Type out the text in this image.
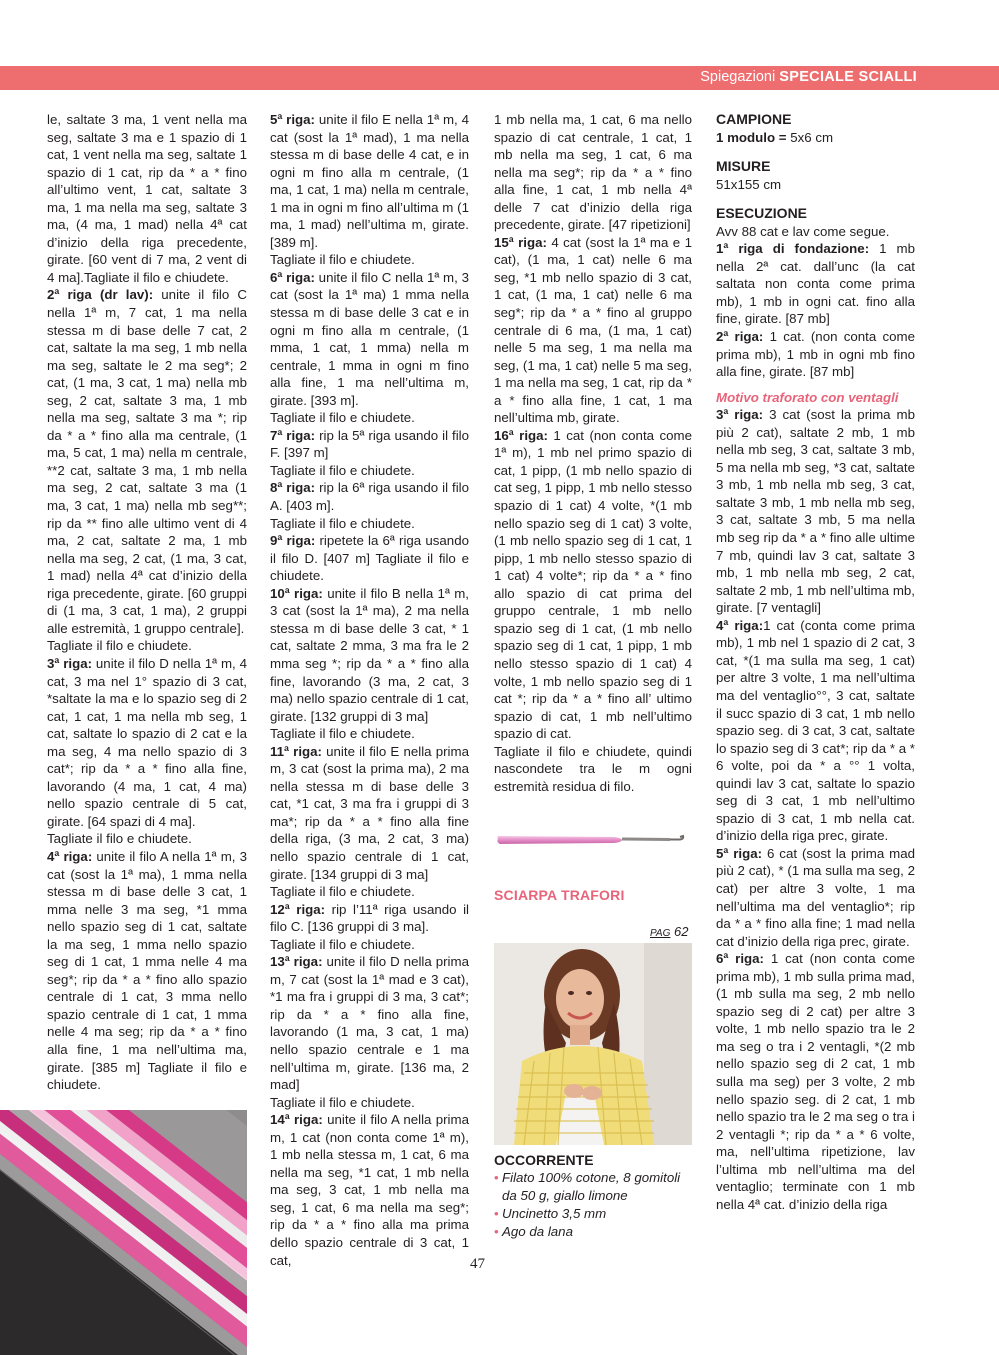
Spiegazioni SPECIALE SCIALLI

le, saltate 3 ma, 1 vent nella ma seg, saltate 3 ma e 1 spazio di 1 cat, 1 vent nella ma seg, saltate 1 spazio di 1 cat, rip da * a * fino all’ultimo vent, 1 cat, saltate 3 ma, 1 ma nella ma seg, saltate 3 ma, (4 ma, 1 mad) nella 4ª cat d’inizio della riga precedente, girate. [60 vent di 7 ma, 2 vent di 4 ma].Tagliate il filo e chiudete.

2ª riga (dr lav): unite il filo C nella 1ª m, 7 cat, 1 ma nella stessa m di base delle 7 cat, 2 cat, saltate la ma seg, 1 mb nella ma seg, saltate le 2 ma seg*; 2 cat, (1 ma, 3 cat, 1 ma) nella mb seg, 2 cat, saltate 3 ma, 1 mb nella ma seg, saltate 3 ma *; rip da * a * fino alla ma centrale, (1 ma, 5 cat, 1 ma) nella m centrale, **2 cat, saltate 3 ma, 1 mb nella ma seg, 2 cat, saltate 3 ma (1 ma, 3 cat, 1 ma) nella mb seg**; rip da ** fino alle ultimo vent di 4 ma, 2 cat, saltate 2 ma, 1 mb nella ma seg, 2 cat, (1 ma, 3 cat, 1 mad) nella 4ª cat d’inizio della riga precedente, girate. [60 gruppi di (1 ma, 3 cat, 1 ma), 2 gruppi alle estremità, 1 gruppo centrale].

Tagliate il filo e chiudete.

3ª riga: unite il filo D nella 1ª m, 4 cat, 3 ma nel 1° spazio di 3 cat, *saltate la ma e lo spazio seg di 2 cat, 1 cat, 1 ma nella mb seg, 1 cat, saltate lo spazio di 2 cat e la ma seg, 4 ma nello spazio di 3 cat*; rip da * a * fino alla fine, lavorando (4 ma, 1 cat, 4 ma) nello spazio centrale di 5 cat, girate. [64 spazi di 4 ma].

Tagliate il filo e chiudete.

4ª riga: unite il filo A nella 1ª m, 3 cat (sost la 1ª ma), 1 mma nella stessa m di base delle 3 cat, 1 mma nelle 3 ma seg, *1 mma nello spazio seg di 1 cat, saltate la ma seg, 1 mma nello spazio seg di 1 cat, 1 mma nelle 4 ma seg*; rip da * a * fino allo spazio centrale di 1 cat, 3 mma nello spazio centrale di 1 cat, 1 mma nelle 4 ma seg; rip da * a * fino alla fine, 1 ma nell’ultima ma, girate. [385 m] Tagliate il filo e chiudete.

5ª riga: unite il filo E nella 1ª m, 4 cat (sost la 1ª mad), 1 ma nella stessa m di base delle 4 cat, e in ogni m fino alla m centrale, (1 ma, 1 cat, 1 ma) nella m centrale, 1 ma in ogni m fino all’ultima m (1 ma, 1 mad) nell’ultima m, girate. [389 m].

Tagliate il filo e chiudete.

6ª riga: unite il filo C nella 1ª m, 3 cat (sost la 1ª ma) 1 mma nella stessa m di base delle 3 cat e in ogni m fino alla m centrale, (1 mma, 1 cat, 1 mma) nella m centrale, 1 mma in ogni m fino alla fine, 1 ma nell’ultima m, girate. [393 m].

Tagliate il filo e chiudete.

7ª riga: rip la 5ª riga usando il filo F. [397 m]

Tagliate il filo e chiudete.

8ª riga: rip la 6ª riga usando il filo A. [403 m].

Tagliate il filo e chiudete.

9ª riga: ripetete la 6ª riga usando il filo D. [407 m] Tagliate il filo e chiudete.

10ª riga: unite il filo B nella 1ª m, 3 cat (sost la 1ª ma), 2 ma nella stessa m di base delle 3 cat, * 1 cat, saltate 2 mma, 3 ma fra le 2 mma seg *; rip da * a * fino alla fine, lavorando (3 ma, 2 cat, 3 ma) nello spazio centrale di 1 cat, girate. [132 gruppi di 3 ma]

Tagliate il filo e chiudete.

11ª riga: unite il filo E nella prima m, 3 cat (sost la prima ma), 2 ma nella stessa m di base delle 3 cat, *1 cat, 3 ma fra i gruppi di 3 ma*; rip da * a * fino alla fine della riga, (3 ma, 2 cat, 3 ma) nello spazio centrale di 1 cat, girate. [134 gruppi di 3 ma]

Tagliate il filo e chiudete.

12ª riga: rip l’11ª riga usando il filo C. [136 gruppi di 3 ma].

Tagliate il filo e chiudete.

13ª riga: unite il filo D nella prima m, 7 cat (sost la 1ª mad e 3 cat), *1 ma fra i gruppi di 3 ma, 3 cat*; rip da * a * fino alla fine, lavorando (1 ma, 3 cat, 1 ma) nello spazio centrale e 1 ma nell’ultima m, girate. [136 ma, 2 mad]

Tagliate il filo e chiudete.

14ª riga: unite il filo A nella prima m, 1 cat (non conta come 1ª m), 1 mb nella stessa m, 1 cat, 6 ma nella ma seg, *1 cat, 1 mb nella ma seg, 3 cat, 1 mb nella ma seg, 1 cat, 6 ma nella ma seg*; rip da * a * fino alla ma prima dello spazio centrale di 3 cat, 1 cat,

1 mb nella ma, 1 cat, 6 ma nello spazio di cat centrale, 1 cat, 1 mb nella ma seg, 1 cat, 6 ma nella ma seg*; rip da * a * fino alla fine, 1 cat, 1 mb nella 4ª delle 7 cat d’inizio della riga precedente, girate. [47 ripetizioni]

15ª riga: 4 cat (sost la 1ª ma e 1 cat), (1 ma, 1 cat) nelle 6 ma seg, *1 mb nello spazio di 3 cat, 1 cat, (1 ma, 1 cat) nelle 6 ma seg*; rip da * a * fino al gruppo centrale di 6 ma, (1 ma, 1 cat) nelle 5 ma seg, 1 ma nella ma seg, (1 ma, 1 cat) nelle 5 ma seg, 1 ma nella ma seg, 1 cat, rip da * a * fino alla fine, 1 cat, 1 ma nell’ultima mb, girate.

16ª riga: 1 cat (non conta come 1ª m), 1 mb nel primo spazio di cat, 1 pipp, (1 mb nello spazio di cat seg, 1 pipp, 1 mb nello stesso spazio di 1 cat) 4 volte, *(1 mb nello spazio seg di 1 cat) 3 volte, (1 mb nello spazio seg di 1 cat, 1 pipp, 1 mb nello stesso spazio di 1 cat) 4 volte*; rip da * a * fino allo spazio di cat prima del gruppo centrale, 1 mb nello spazio seg di 1 cat, (1 mb nello spazio seg di 1 cat, 1 pipp, 1 mb nello stesso spazio di 1 cat) 4 volte, 1 mb nello spazio seg di 1 cat *; rip da * a * fino all’ ultimo spazio di cat, 1 mb nell’ultimo spazio di cat.

Tagliate il filo e chiudete, quindi nascondete tra le m ogni estremità residua di filo.

SCIARPA TRAFORI
PAG 62
OCCORRENTE
• Filato 100% cotone, 8 gomitoli da 50 g, giallo limone
• Uncinetto 3,5 mm
• Ago da lana

CAMPIONE

1 modulo = 5x6 cm

MISURE

51x155 cm

ESECUZIONE

Avv 88 cat e lav come segue.

1ª riga di fondazione: 1 mb nella 2ª cat. dall’unc (la cat saltata non conta come prima mb), 1 mb in ogni cat. fino alla fine, girate. [87 mb]

2ª riga: 1 cat. (non conta come prima mb), 1 mb in ogni mb fino alla fine, girate. [87 mb]

Motivo traforato con ventagli

3ª riga: 3 cat (sost la prima mb più 2 cat), saltate 2 mb, 1 mb nella mb seg, 3 cat, saltate 3 mb, 5 ma nella mb seg, *3 cat, saltate 3 mb, 1 mb nella mb seg, 3 cat, saltate 3 mb, 1 mb nella mb seg, 3 cat, saltate 3 mb, 5 ma nella mb seg rip da * a * fino alle ultime 7 mb, quindi lav 3 cat, saltate 3 mb, 1 mb nella mb seg, 2 cat, saltate 2 mb, 1 mb nell’ultima mb, girate. [7 ventagli]

4ª riga:1 cat (conta come prima mb), 1 mb nel 1 spazio di 2 cat, 3 cat, *(1 ma sulla ma seg, 1 cat) per altre 3 volte, 1 ma nell’ultima ma del ventaglio°°, 3 cat, saltate il succ spazio di 3 cat, 1 mb nello spazio seg. di 3 cat, 3 cat, saltate lo spazio seg di 3 cat*; rip da * a * 6 volte, poi da * a °° 1 volta, quindi lav 3 cat, saltate lo spazio seg di 3 cat, 1 mb nell’ultimo spazio di 3 cat, 1 mb nella cat. d’inizio della riga prec, girate.

5ª riga: 6 cat (sost la prima mad più 2 cat), * (1 ma sulla ma seg, 2 cat) per altre 3 volte, 1 ma nell’ultima ma del ventaglio*; rip da * a * fino alla fine; 1 mad nella cat d’inizio della riga prec, girate.

6ª riga: 1 cat (non conta come prima mb), 1 mb sulla prima mad, (1 mb sulla ma seg, 2 mb nello spazio seg di 2 cat) per altre 3 volte, 1 mb nello spazio tra le 2 ma seg o tra i 2 ventagli, *(2 mb nello spazio seg di 2 cat, 1 mb sulla ma seg) per 3 volte, 2 mb nello spazio seg. di 2 cat, 1 mb nello spazio tra le 2 ma seg o tra i 2 ventagli *; rip da * a * 6 volte, ma, nell’ultima ripetizione, lav l’ultima mb nell’ultima ma del ventaglio; terminate con 1 mb nella 4ª cat. d’inizio della riga

47
